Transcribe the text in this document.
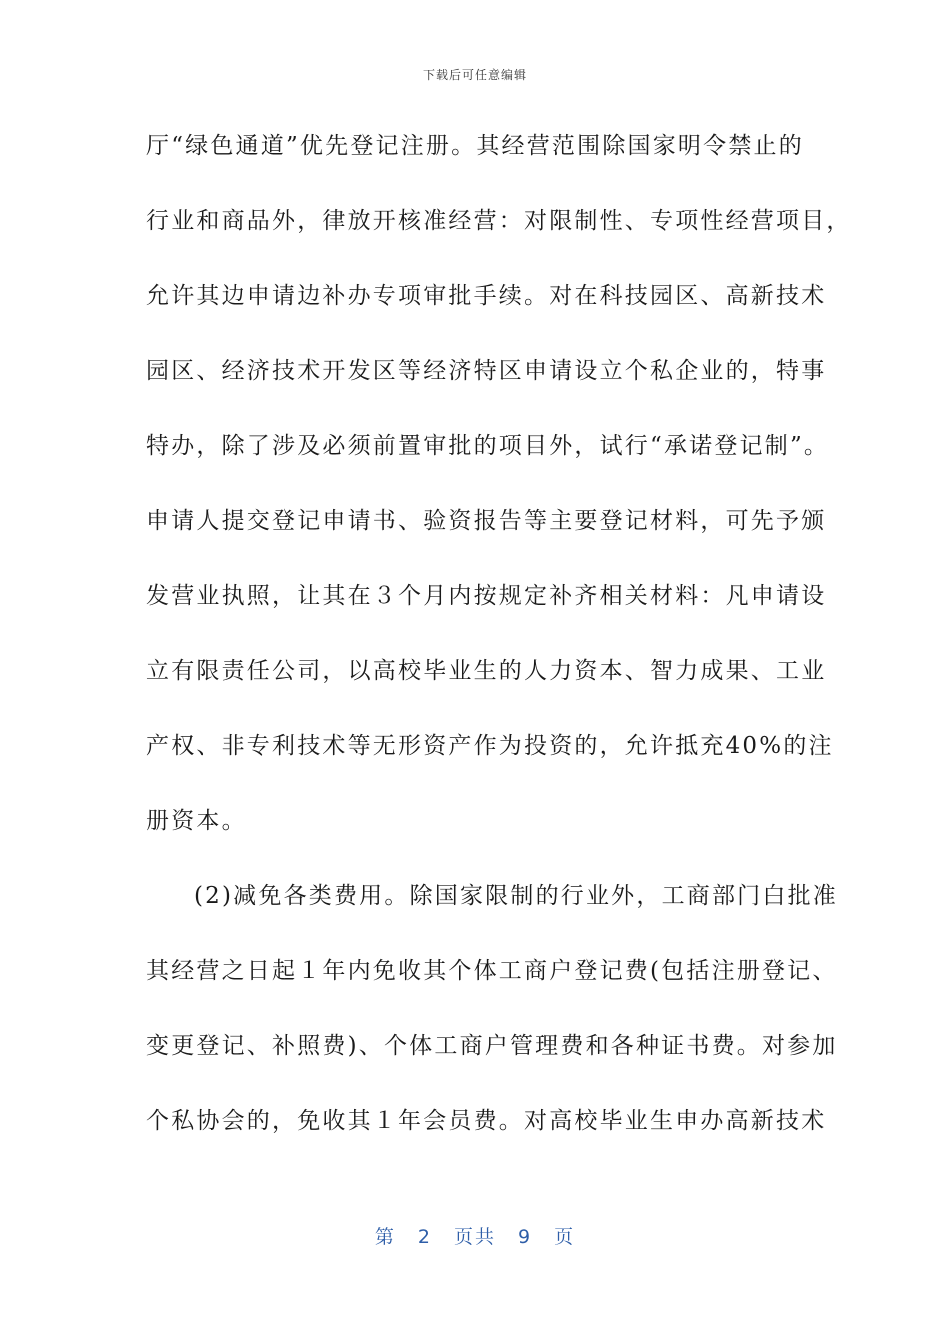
下载后可任意编辑
厅“绿色通道”优先登记注册。其经营范围除国家明令禁止的
行业和商品外，律放开核准经营：对限制性、专项性经营项目，
允许其边申请边补办专项审批手续。对在科技园区、高新技术
园区、经济技术开发区等经济特区申请设立个私企业的，特事
特办，除了涉及必须前置审批的项目外，试行“承诺登记制”。
申请人提交登记申请书、验资报告等主要登记材料，可先予颁
发营业执照，让其在３个月内按规定补齐相关材料：凡申请设
立有限责任公司，以高校毕业生的人力资本、智力成果、工业
产权、非专利技术等无形资产作为投资的，允许抵充40%的注
册资本。
(2)减免各类费用。除国家限制的行业外，工商部门白批准
其经营之日起１年内免收其个体工商户登记费(包括注册登记、
变更登记、补照费)、个体工商户管理费和各种证书费。对参加
个私协会的，免收其１年会员费。对高校毕业生申办高新技术
第 2 页共 9 页
